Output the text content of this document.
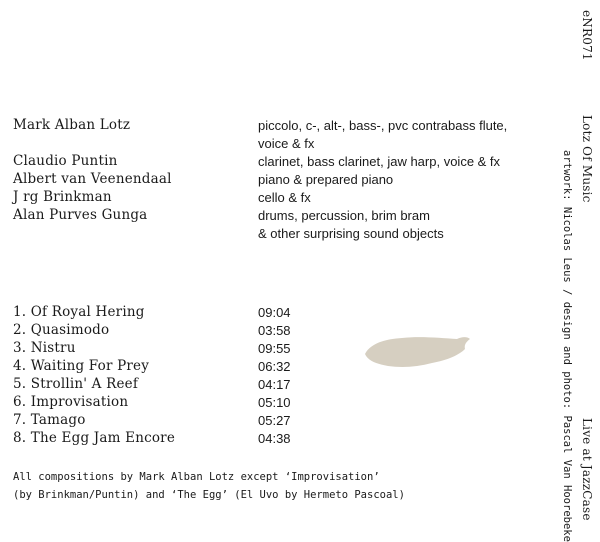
Mark Alban Lotz	piccolo, c-, alt-, bass-, pvc contrabass flute,
voice & fx
Claudio Puntin	clarinet, bass clarinet, jaw harp, voice & fx
Albert van Veenendaal	piano & prepared piano
J rg Brinkman	cello & fx
Alan Purves Gunga	drums, percussion, brim bram
& other surprising sound objects
1. Of Royal Hering	09:04
2. Quasimodo	03:58
3. Nistru	09:55
4. Waiting For Prey	06:32
5. Strollin' A Reef	04:17
6. Improvisation	05:10
7. Tamago	05:27
8. The Egg Jam Encore	04:38
All compositions by Mark Alban Lotz except ‘Improvisation’
(by Brinkman/Puntin) and ‘The Egg’ (El Uvo by Hermeto Pascoal)
eNR071
Lotz Of Music
Live at JazzCase
artwork: Nicolas Leus / design and photo: Pascal Van Hoorebeke
